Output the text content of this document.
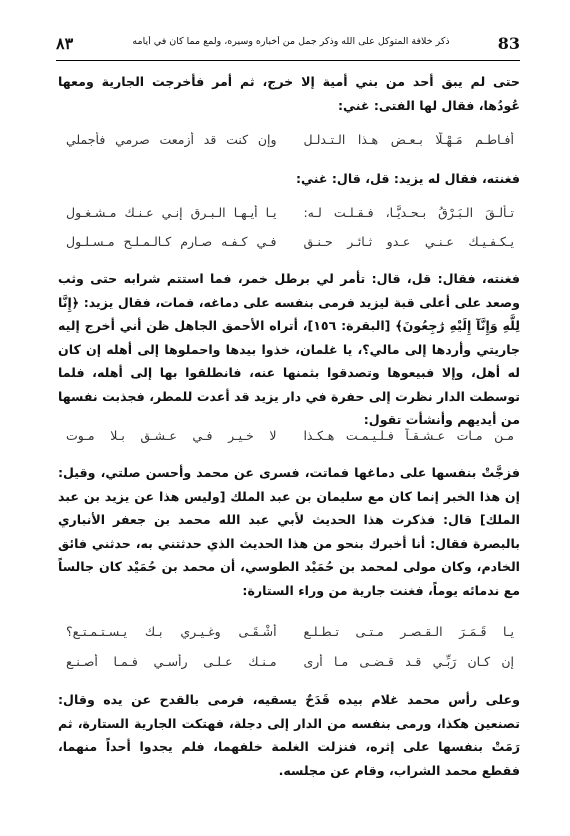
83
ذكر خلافة المتوكل على الله وذكر جمل من أخباره وسيره، ولمع مما كان في أيامه
٨٣
حتى لم يبق أحد من بني أمية إلا خرج، ثم أمر فأخرجت الجارية ومعها عُودُها، فقال لها الفتى: غني:
أفـاطـم مَـهْـلًا بـعـض هـذا الـتـدلـل
وإن كنت قد أزمعت صرمي فأجملي
فغنته، فقال له يزيد: قل، قال: غني:
تـألـقَ الـبَـرْقُ بـحـديًّـا، فـقـلـت لـه:
يـا أيـهـا الـبـرق إنـي عـنـك مـشـغـول
يـكـفـيـك عـنـي عـدو ثـائـر حـنـق
فـي كـفـه صـارم كـالـمـلـح مـسـلـول
فغنته، فقال: قل، قال: تأمر لي برطل خمر، فما استتم شرابه حتى وثب وصعد على أعلى قبة ليزيد فرمى بنفسه على دماغه، فمات، فقال يزيد: ﴿إِنَّا لِلَّهِ وَإِنَّآ إِلَيْهِ رَٰجِعُونَ﴾ [البقرة: ١٥٦]، أتراه الأحمق الجاهل ظن أني أخرج إليه جاريتي وأردها إلى مالي؟، يا غلمان، خذوا بيدها واحملوها إلى أهله إن كان له أهل، وإلا فبيعوها وتصدقوا بثمنها عنه، فانطلقوا بها إلى أهله، فلما توسطت الدار نظرت إلى حفرة في دار يزيد قد أعدت للمطر، فجذبت نفسها من أيديهم وأنشأت تقول:
مـن مـات عـشـقـاً فـلـيـمـت هـكـذا
لا خـيـر فـي عـشـق بـلا مـوت
فزجَّتْ بنفسها على دماغها فماتت، فسرى عن محمد وأحسن صلتي، وقيل: إن هذا الخبر إنما كان مع سليمان بن عبد الملك [وليس هذا عن يزيد بن عبد الملك] قال: فذكرت هذا الحديث لأبي عبد الله محمد بن جعفر الأنباري بالبصرة فقال: أنا أخبرك بنحو من هذا الحديث الذي حدثتني به، حدثني فائق الخادم، وكان مولى لمحمد بن حُمَيْد الطوسي، أن محمد بن حُمَيْد كان جالساً مع ندمائه يوماً، فغنت جارية من وراء الستارة:
يـا قَـمَـرَ الـقـصـر مـتـى تـطـلـع
أشْـقَـى وغـيـري بـك يـسـتـمـتـع؟
إن كـان رَبِّـي قـد قـضـى مـا أرى
مـنـك عـلـى رأسـي فـمـا أصـنـع
وعلى رأس محمد غلام بيده قَدَحٌ يسقيه، فرمى بالقدح عن يده وقال: تصنعين هكذا، ورمى بنفسه من الدار إلى دجلة، فهتكت الجارية الستارة، ثم رَمَتْ بنفسها على إثره، فنزلت الغلمة خلفهما، فلم يجدوا أحداً منهما، فقطع محمد الشراب، وقام عن مجلسه.
